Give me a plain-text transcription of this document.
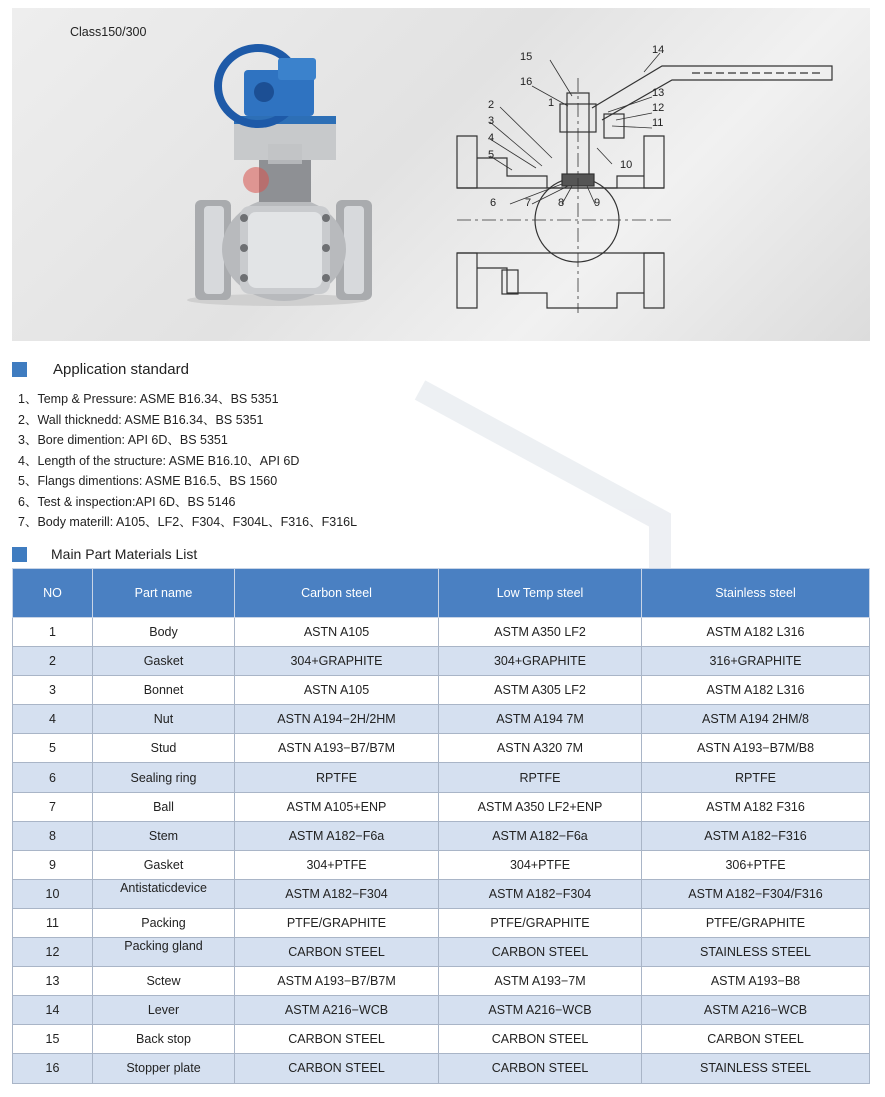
Class150/300
1
2
3
4
5
6	7 8	9
10
11
12
13
14
15
16
Application standard
1、Temp & Pressure: ASME B16.34、BS 5351
2、Wall thicknedd: ASME B16.34、BS 5351
3、Bore dimention: API 6D、BS 5351
4、Length of the structure: ASME B16.10、API 6D
5、Flangs dimentions: ASME B16.5、BS 1560
6、Test & inspection:API 6D、BS 5146
7、Body materill: A105、LF2、F304、F304L、F316、F316L
Main Part Materials List
NO	Part name	Carbon steel	Low Temp steel	Stainless steel
1	Body	ASTN A105	ASTM A350 LF2	ASTM A182 L316
2	Gasket	304+GRAPHITE	304+GRAPHITE	316+GRAPHITE
3	Bonnet	ASTN A105	ASTM A305 LF2	ASTM A182 L316
4	Nut	ASTN A194−2H/2HM	ASTM A194 7M	ASTM A194 2HM/8
5	Stud	ASTN A193−B7/B7M	ASTN A320 7M	ASTN A193−B7M/B8
6	Sealing ring	RPTFE	RPTFE	RPTFE
7	Ball	ASTM A105+ENP	ASTM A350 LF2+ENP	ASTM A182 F316
8	Stem	ASTM A182−F6a	ASTM A182−F6a	ASTM A182−F316
9	Gasket	304+PTFE	304+PTFE	306+PTFE
10	Antistaticdevice	ASTM A182−F304	ASTM A182−F304	ASTM A182−F304/F316
11	Packing	PTFE/GRAPHITE	PTFE/GRAPHITE	PTFE/GRAPHITE
12	Packing gland	CARBON STEEL	CARBON STEEL	STAINLESS STEEL
13	Sctew	ASTM A193−B7/B7M	ASTM A193−7M	ASTM A193−B8
14	Lever	ASTM A216−WCB	ASTM A216−WCB	ASTM A216−WCB
15	Back stop	CARBON STEEL	CARBON STEEL	CARBON STEEL
16	Stopper plate	CARBON STEEL	CARBON STEEL	STAINLESS STEEL
